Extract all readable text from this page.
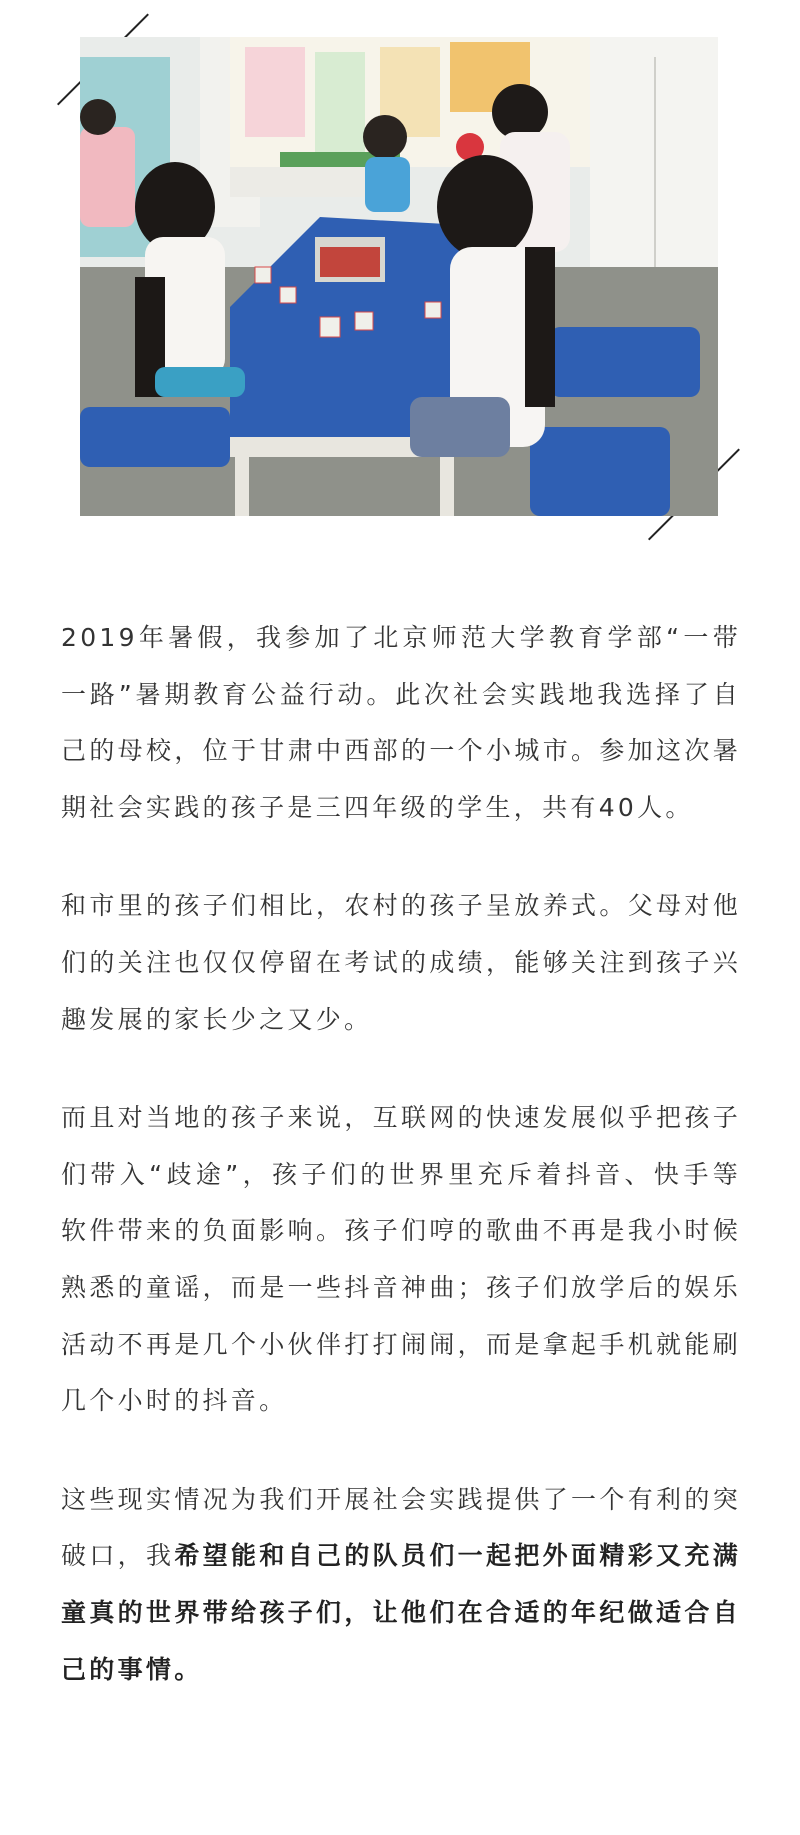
2019年暑假，我参加了北京师范大学教育学部“一带一路”暑期教育公益行动。此次社会实践地我选择了自己的母校，位于甘肃中西部的一个小城市。参加这次暑期社会实践的孩子是三四年级的学生，共有40人。

和市里的孩子们相比，农村的孩子呈放养式。父母对他们的关注也仅仅停留在考试的成绩，能够关注到孩子兴趣发展的家长少之又少。

而且对当地的孩子来说，互联网的快速发展似乎把孩子们带入“歧途”，孩子们的世界里充斥着抖音、快手等软件带来的负面影响。孩子们哼的歌曲不再是我小时候熟悉的童谣，而是一些抖音神曲；孩子们放学后的娱乐活动不再是几个小伙伴打打闹闹，而是拿起手机就能刷几个小时的抖音。

这些现实情况为我们开展社会实践提供了一个有利的突破口，我希望能和自己的队员们一起把外面精彩又充满童真的世界带给孩子们，让他们在合适的年纪做适合自己的事情。
